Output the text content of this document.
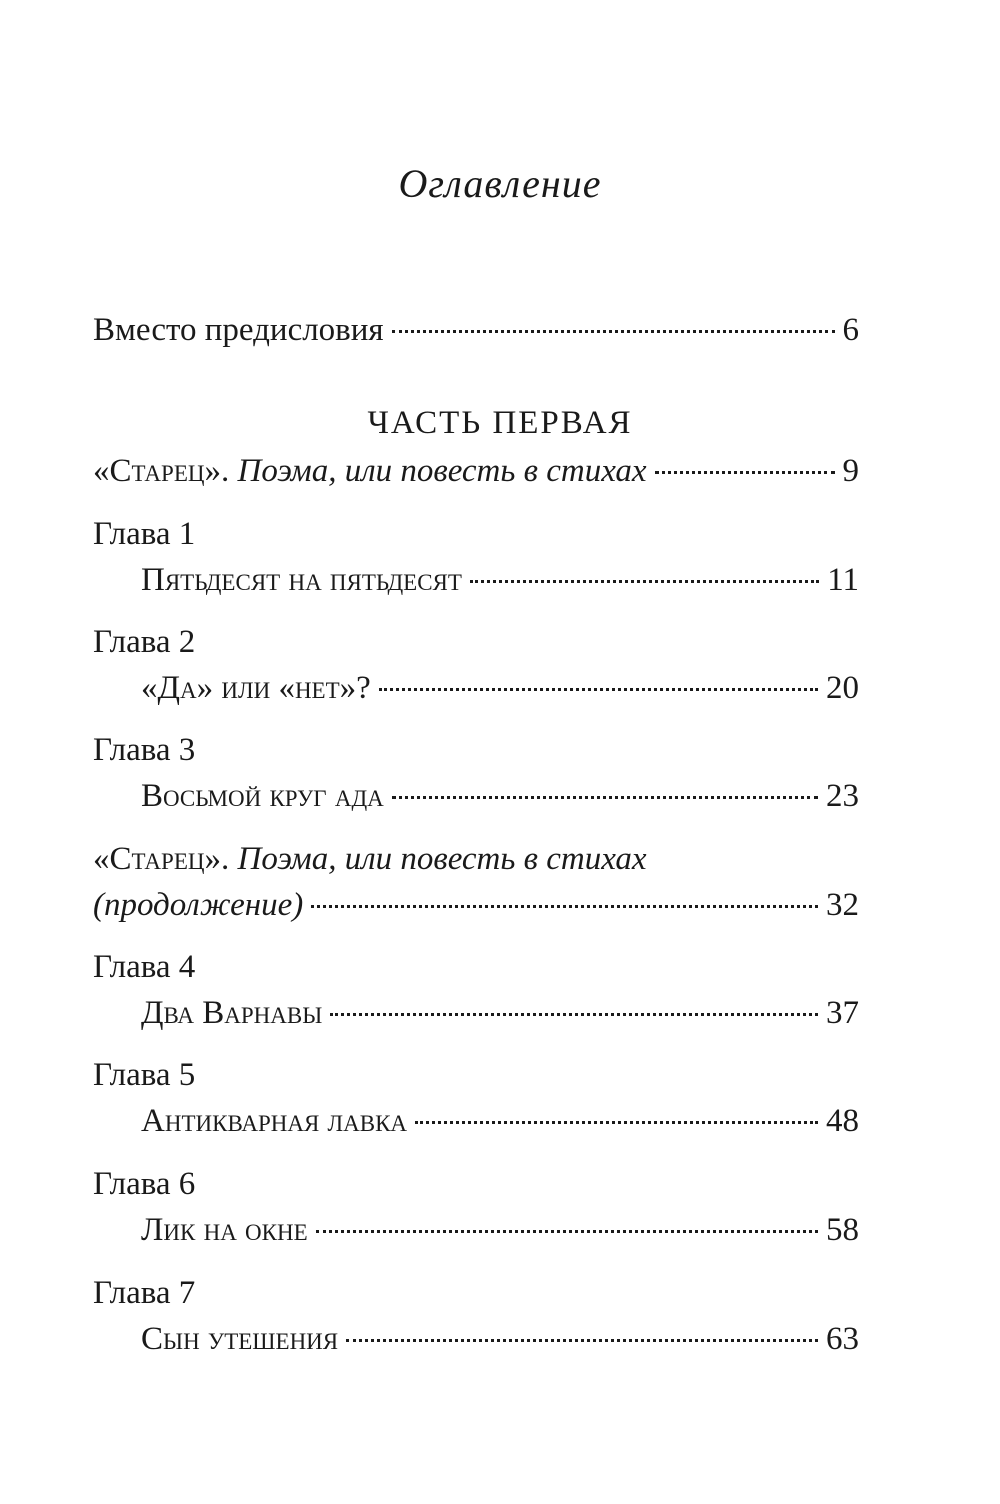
Оглавление
Вместо предисловия	6
ЧАСТЬ ПЕРВАЯ
«Старец». Поэма, или повесть в стихах	9
Глава 1
Пятьдесят на пятьдесят	11
Глава 2
«Да» или «нет»?	20
Глава 3
Восьмой круг ада	23
«Старец». Поэма, или повесть в стихах
(продолжение)	32
Глава 4
Два Варнавы	37
Глава 5
Антикварная лавка	48
Глава 6
Лик на окне	58
Глава 7
Сын утешения	63
